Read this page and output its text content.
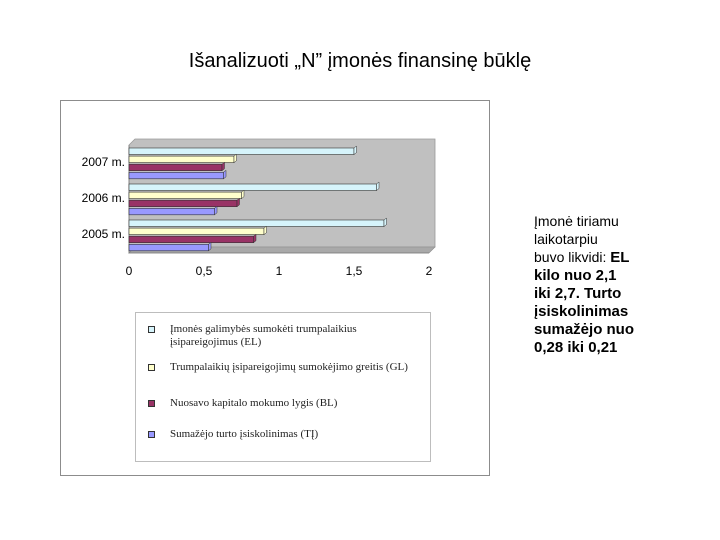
Išanalizuoti „N” įmonės finansinę būklę
2007 m.
2006 m.
2005 m.
0	0,5	1	1,5	2
Įmonės galimybės sumokėti trumpalaikius įsipareigojimus (EL)
Trumpalaikių įsipareigojimų sumokėjimo greitis (GL)
Nuosavo kapitalo mokumo lygis (BL)
Sumažėjo turto įsiskolinimas (TĮ)
Įmonė tiriamu
laikotarpiu
buvo likvidi: EL
kilo nuo 2,1
iki 2,7. Turto
įsiskolinimas
sumažėjo nuo
0,28 iki 0,21
